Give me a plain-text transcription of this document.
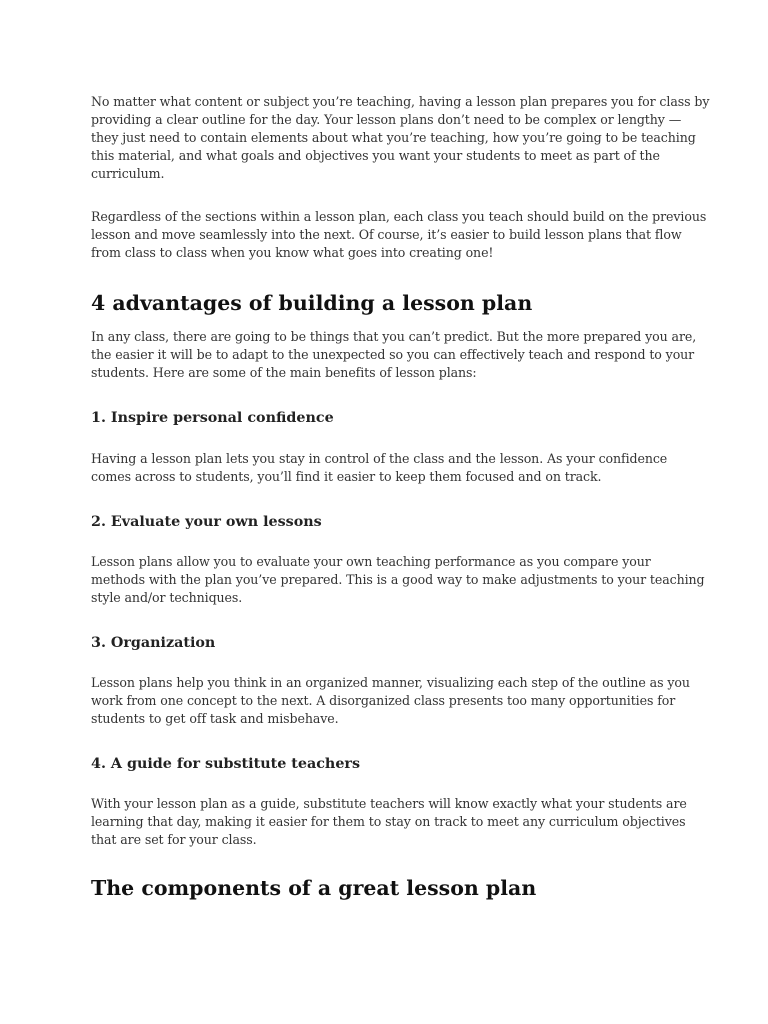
No matter what content or subject you’re teaching, having a lesson plan prepares you for class by
providing a clear outline for the day. Your lesson plans don’t need to be complex or lengthy —
they just need to contain elements about what you’re teaching, how you’re going to be teaching
this material, and what goals and objectives you want your students to meet as part of the
curriculum.

Regardless of the sections within a lesson plan, each class you teach should build on the previous
lesson and move seamlessly into the next. Of course, it’s easier to build lesson plans that flow
from class to class when you know what goes into creating one!

4 advantages of building a lesson plan

In any class, there are going to be things that you can’t predict. But the more prepared you are,
the easier it will be to adapt to the unexpected so you can effectively teach and respond to your
students. Here are some of the main benefits of lesson plans:

1. Inspire personal confidence

Having a lesson plan lets you stay in control of the class and the lesson. As your confidence
comes across to students, you’ll find it easier to keep them focused and on track.

2. Evaluate your own lessons

Lesson plans allow you to evaluate your own teaching performance as you compare your
methods with the plan you’ve prepared. This is a good way to make adjustments to your teaching
style and/or techniques.

3. Organization

Lesson plans help you think in an organized manner, visualizing each step of the outline as you
work from one concept to the next. A disorganized class presents too many opportunities for
students to get off task and misbehave.

4. A guide for substitute teachers

With your lesson plan as a guide, substitute teachers will know exactly what your students are
learning that day, making it easier for them to stay on track to meet any curriculum objectives
that are set for your class.

The components of a great lesson plan
